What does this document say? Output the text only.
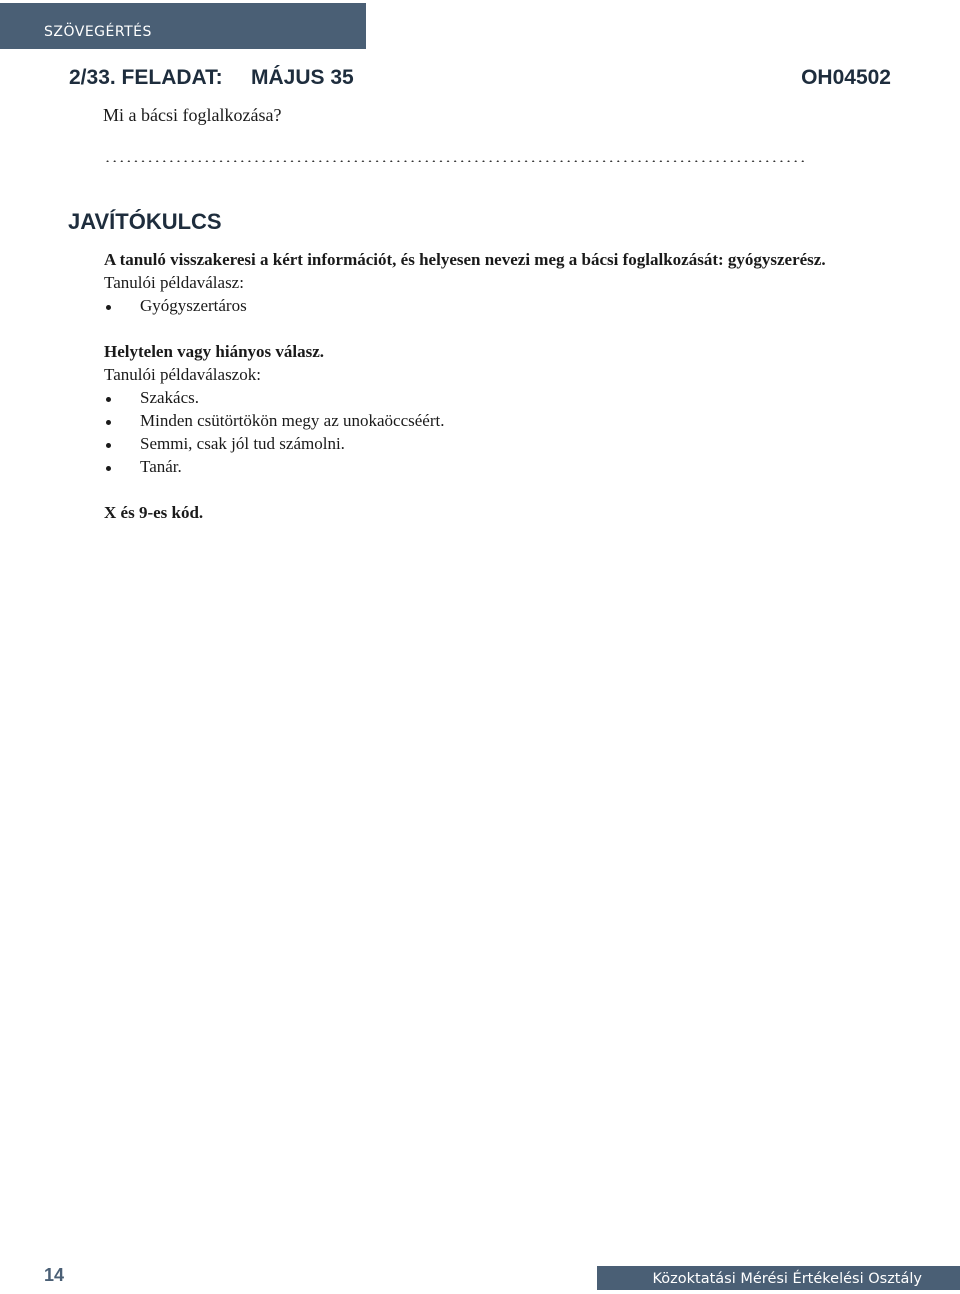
SZÖVEGÉRTÉS
2/33. FELADAT: MÁJUS 35	OH04502
Mi a bácsi foglalkozása?
JAVÍTÓKULCS
A tanuló visszakeresi a kért információt, és helyesen nevezi meg a bácsi foglalkozását: gyógyszerész.
Tanulói példaválasz:
Gyógyszertáros
Helytelen vagy hiányos válasz.
Tanulói példaválaszok:
Szakács.
Minden csütörtökön megy az unokaöccséért.
Semmi, csak jól tud számolni.
Tanár.
X és 9-es kód.
14	Közoktatási Mérési Értékelési Osztály
